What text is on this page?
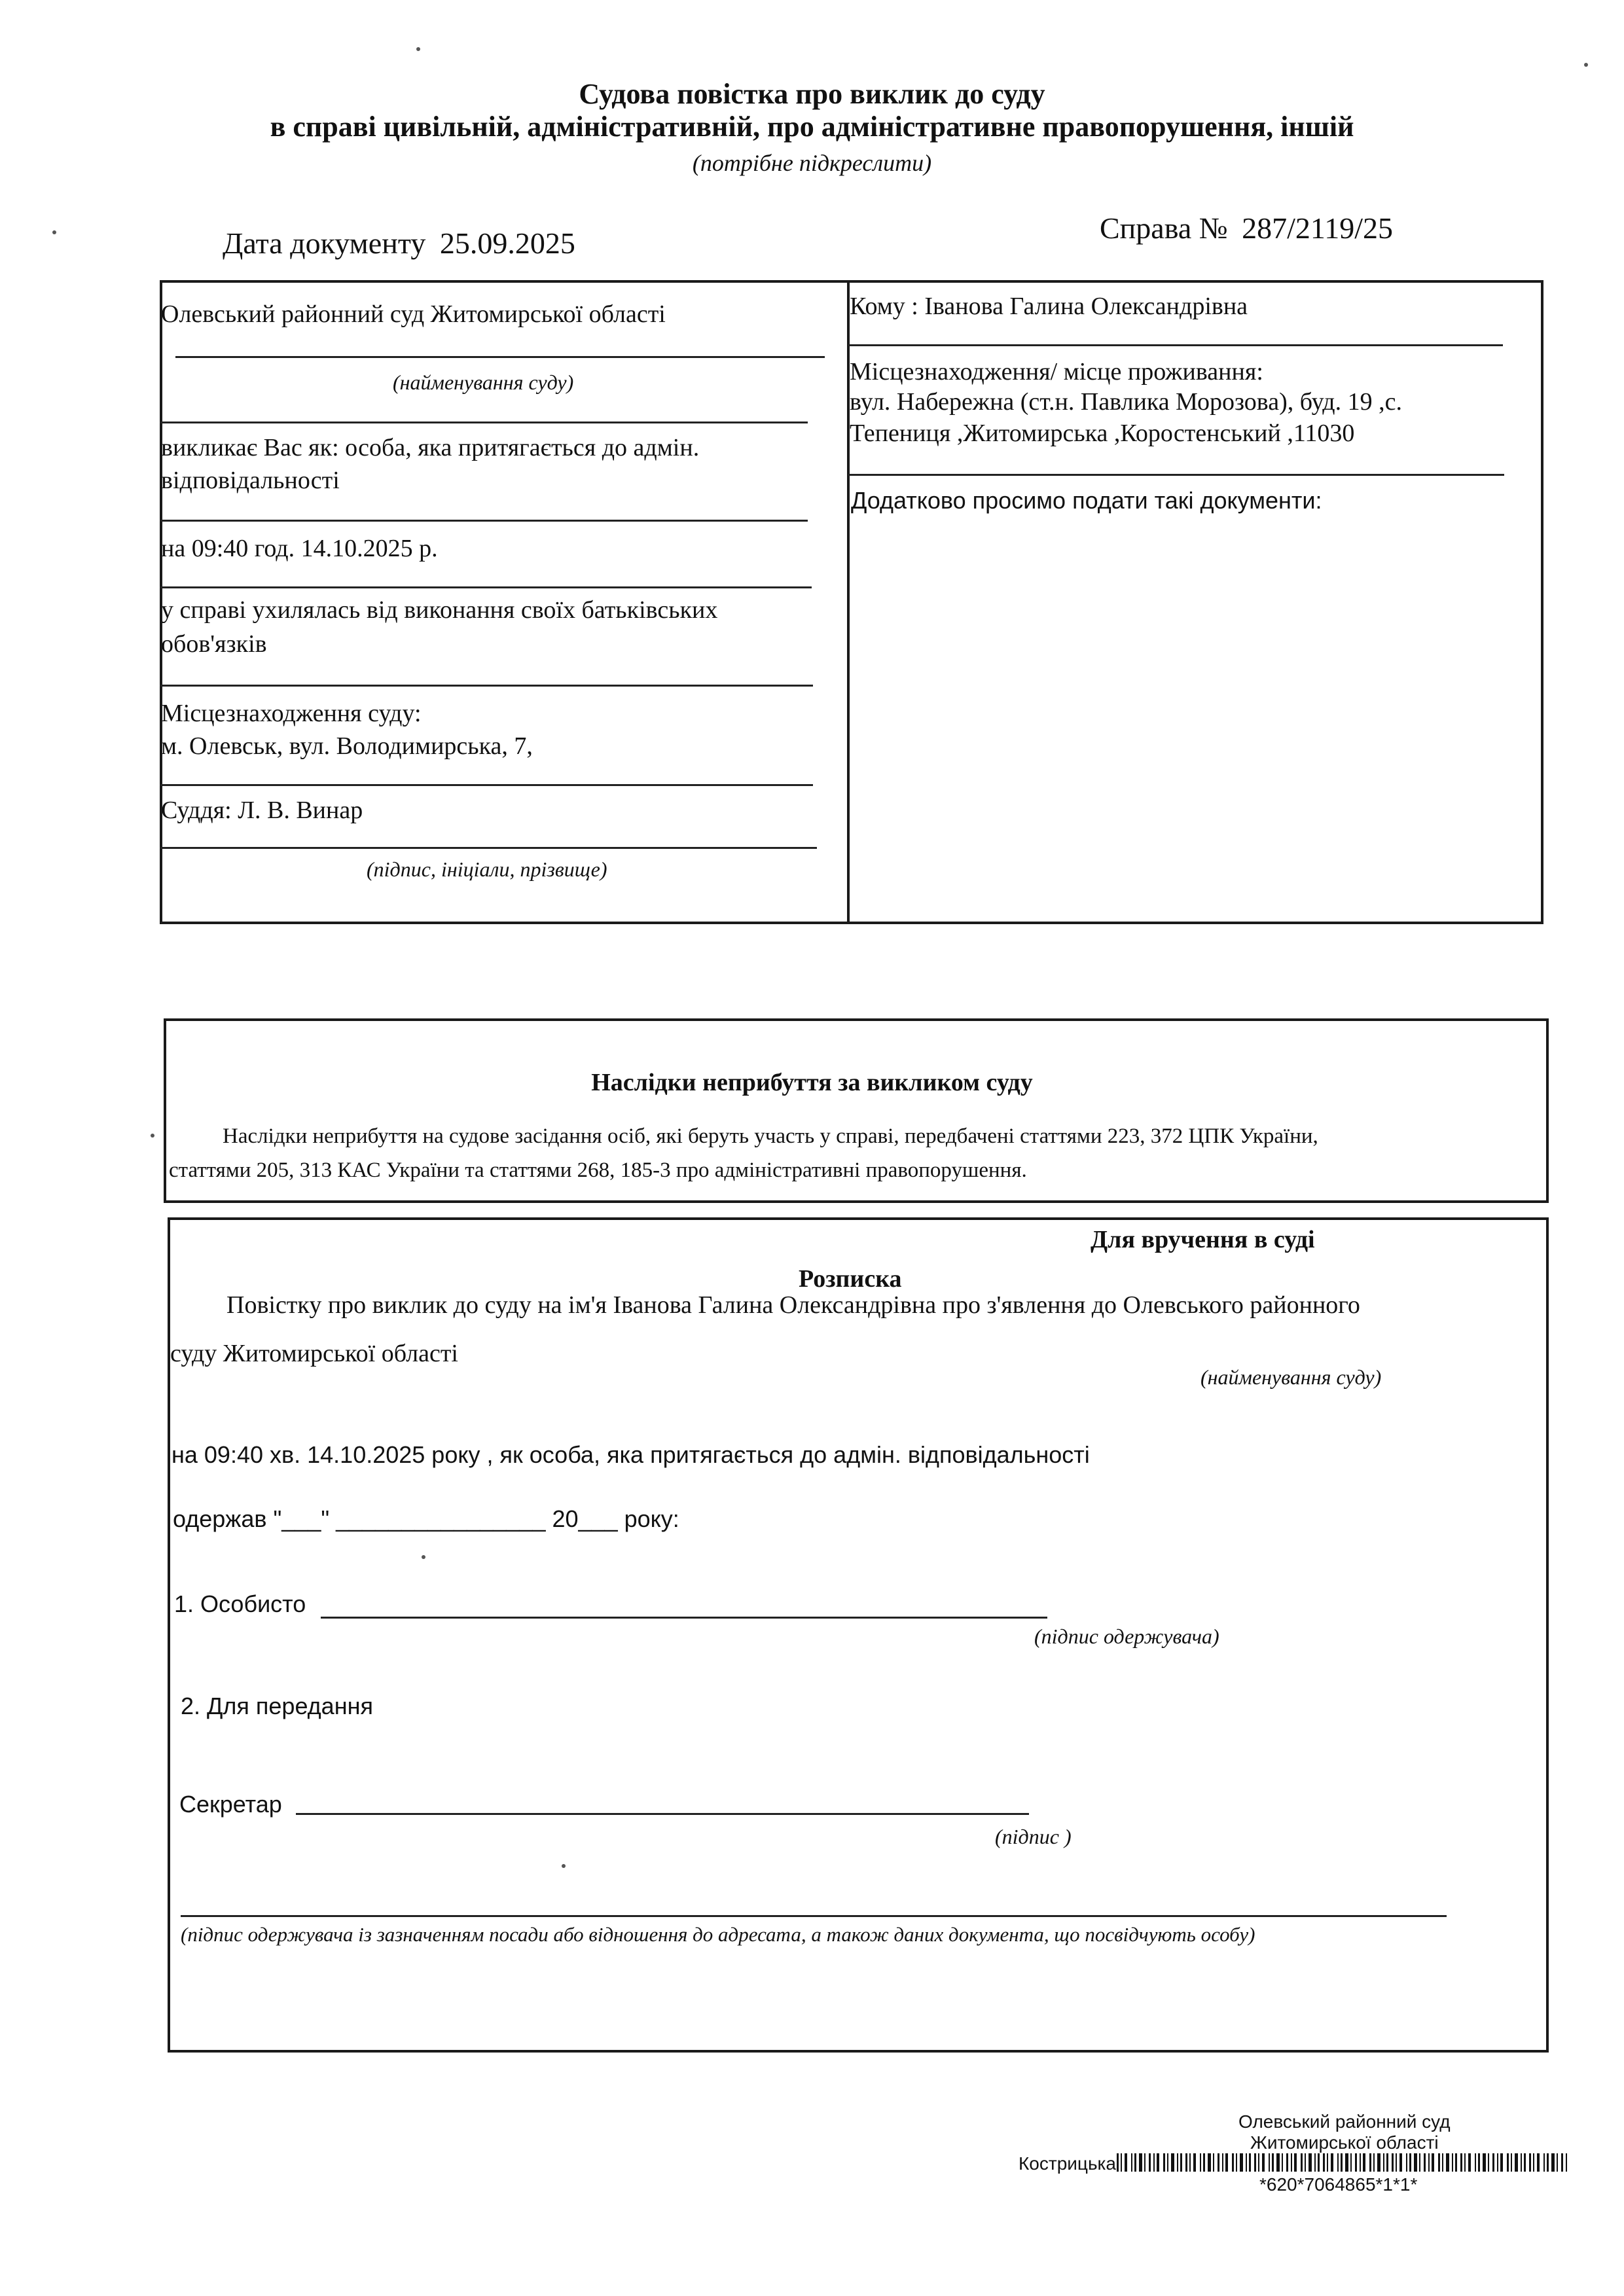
Судова повістка про виклик до суду
в справі цивільній, адміністративній, про адміністративне правопорушення, іншій
(потрібне підкреслити)
Дата документу 25.09.2025	Справа № 287/2119/25
Олевський районний суд Житомирської області
(найменування суду)
викликає Вас як: особа, яка притягається до адмін.
відповідальності
на 09:40 год. 14.10.2025 р.
у справі ухилялась від виконання своїх батьківських
обов'язків
Місцезнаходження суду:
м. Олевськ, вул. Володимирська, 7,
Суддя: Л. В. Винар
(підпис, ініціали, прізвище)
Кому : Іванова Галина Олександрівна
Місцезнаходження/ місце проживання:
вул. Набережна (ст.н. Павлика Морозова), буд. 19 ,с.
Тепениця ,Житомирська ,Коростенський ,11030
Додатково просимо подати такі документи:
Наслідки неприбуття за викликом суду
Наслідки неприбуття на судове засідання осіб, які беруть участь у справі, передбачені статтями 223, 372 ЦПК України,
статтями 205, 313 КАС України та статтями 268, 185-3 про адміністративні правопорушення.
Для вручення в суді
Розписка
Повістку про виклик до суду на ім'я Іванова Галина Олександрівна про з'явлення до Олевського районного
суду Житомирської області
(найменування суду)
на 09:40 хв. 14.10.2025 року , як особа, яка притягається до адмін. відповідальності
одержав "___" ________________ 20___ року:
1. Особисто
(підпис одержувача)
2. Для передання
Секретар
(підпис )
(підпис одержувача із зазначенням посади або відношення до адресата, а також даних документа, що посвідчують особу)
Олевський районний суд
Житомирської області
Кострицька
*620*7064865*1*1*
